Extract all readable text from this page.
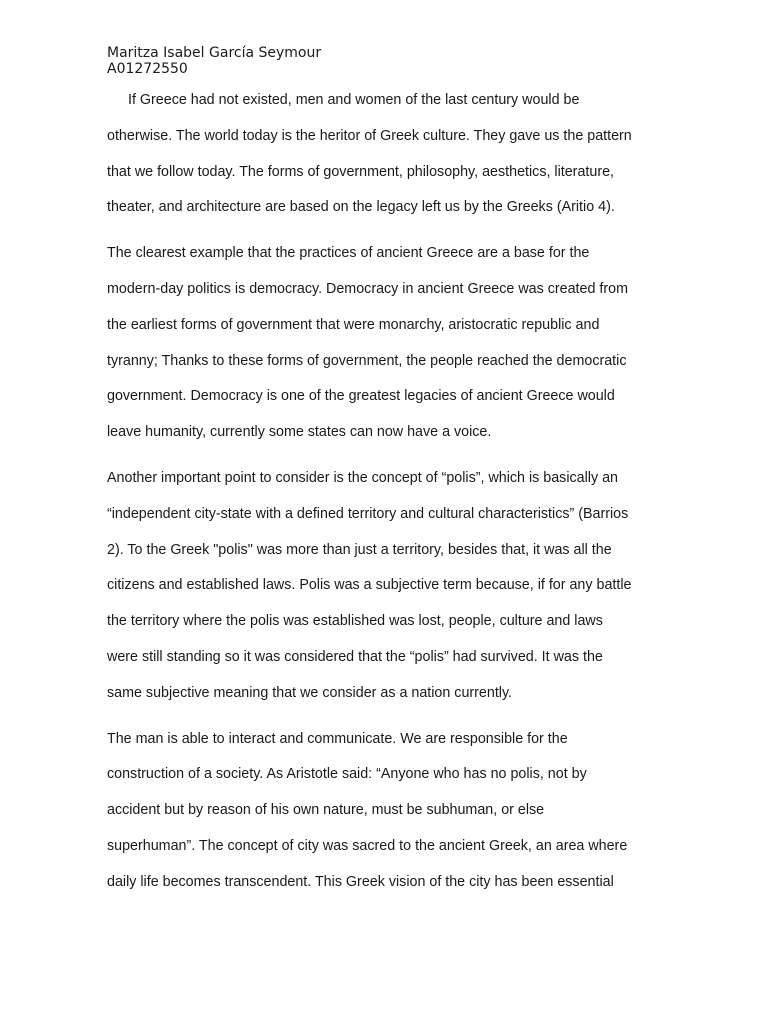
Maritza Isabel García Seymour
A01272550

If Greece had not existed, men and women of the last century would be
otherwise. The world today is the heritor of Greek culture. They gave us the pattern
that we follow today. The forms of government, philosophy, aesthetics, literature,
theater, and architecture are based on the legacy left us by the Greeks (Aritio 4).

The clearest example that the practices of ancient Greece are a base for the
modern-day politics is democracy. Democracy in ancient Greece was created from
the earliest forms of government that were monarchy, aristocratic republic and
tyranny; Thanks to these forms of government, the people reached the democratic
government. Democracy is one of the greatest legacies of ancient Greece would
leave humanity, currently some states can now have a voice.

Another important point to consider is the concept of “polis”, which is basically an
“independent city-state with a defined territory and cultural characteristics” (Barrios
2). To the Greek "polis" was more than just a territory, besides that, it was all the
citizens and established laws. Polis was a subjective term because, if for any battle
the territory where the polis was established was lost, people, culture and laws
were still standing so it was considered that the “polis” had survived. It was the
same subjective meaning that we consider as a nation currently.

The man is able to interact and communicate. We are responsible for the
construction of a society. As Aristotle said: “Anyone who has no polis, not by
accident but by reason of his own nature, must be subhuman, or else
superhuman”. The concept of city was sacred to the ancient Greek, an area where
daily life becomes transcendent. This Greek vision of the city has been essential
